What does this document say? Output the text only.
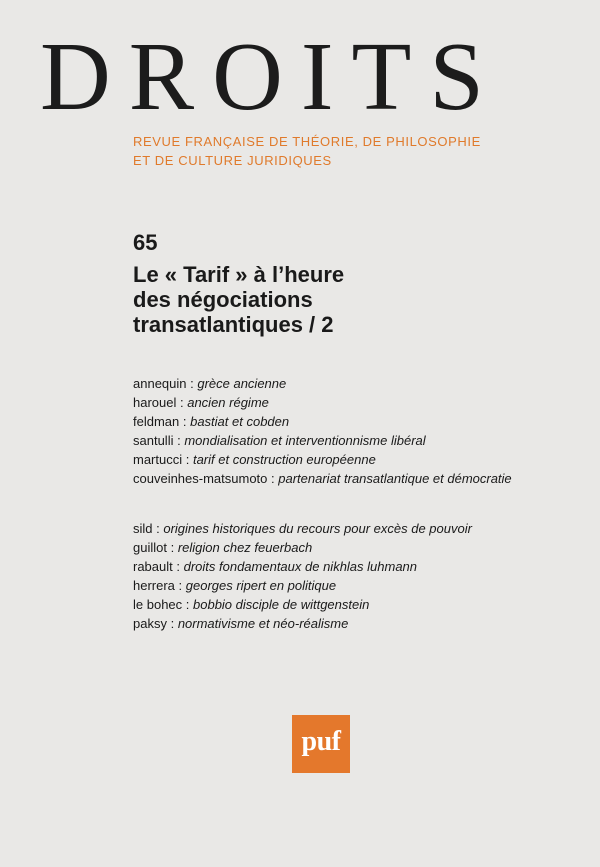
DROITS
REVUE FRANÇAISE DE THÉORIE, DE PHILOSOPHIE
ET DE CULTURE JURIDIQUES
65
Le « Tarif » à l’heure
des négociations
transatlantiques / 2
annequin : grèce ancienne
harouel : ancien régime
feldman : bastiat et cobden
santulli : mondialisation et interventionnisme libéral
martucci : tarif et construction européenne
couveinhes-matsumoto : partenariat transatlantique et démocratie
sild : origines historiques du recours pour excès de pouvoir
guillot : religion chez feuerbach
rabault : droits fondamentaux de nikhlas luhmann
herrera : georges ripert en politique
le bohec : bobbio disciple de wittgenstein
paksy : normativisme et néo-réalisme
puf
